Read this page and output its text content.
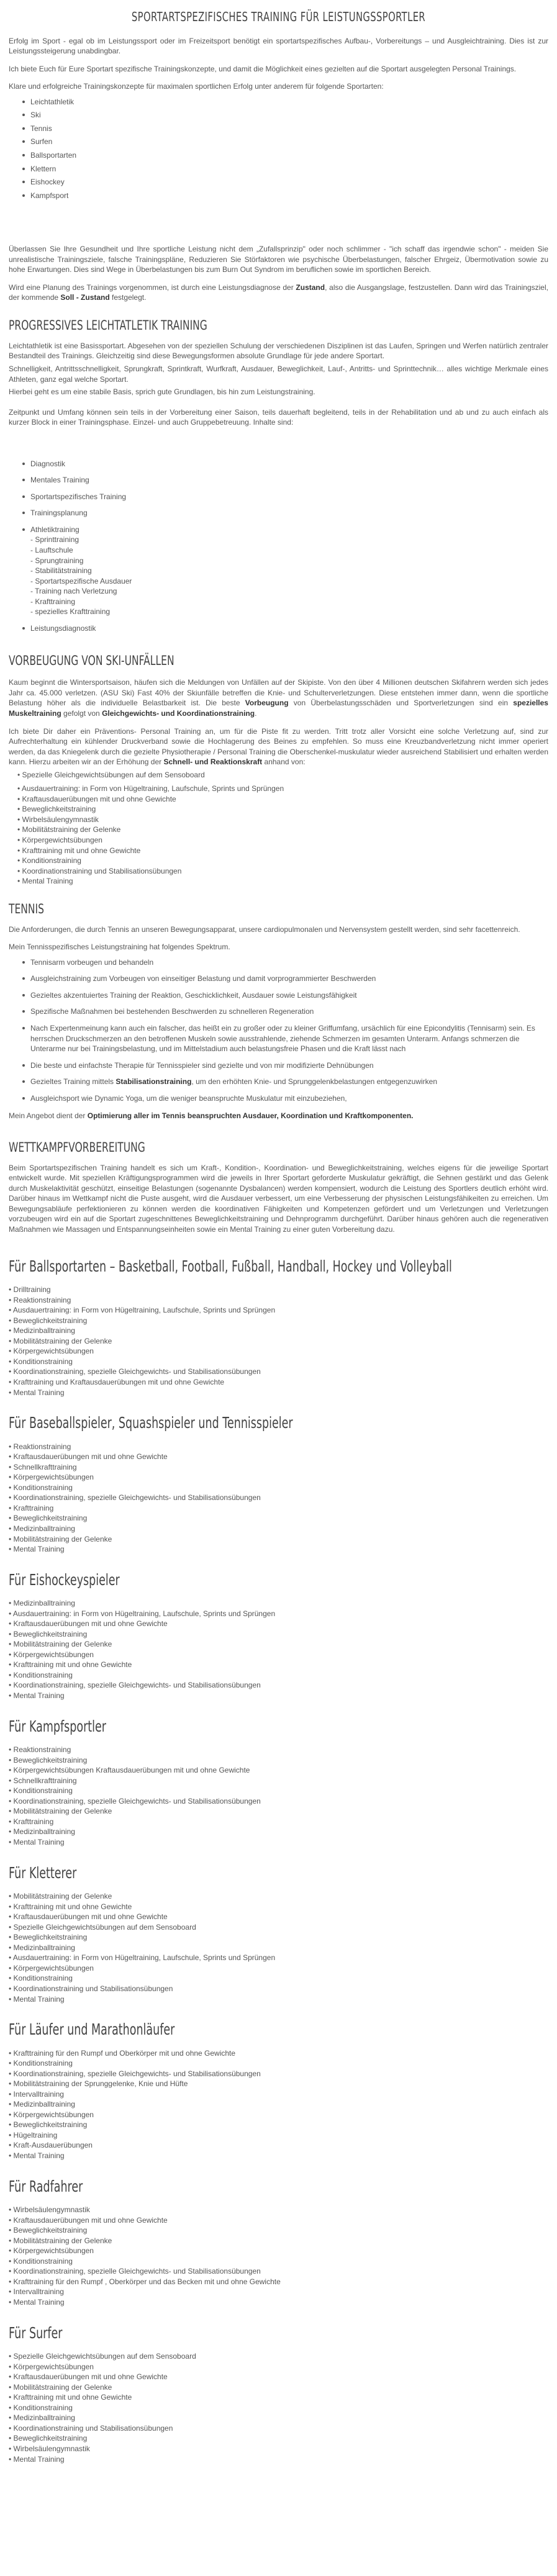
SPORTARTSPEZIFISCHES TRAINING FÜR LEISTUNGSSPORTLER

Erfolg im Sport - egal ob im Leistungssport oder im Freizeitsport benötigt ein sportartspezifisches Aufbau-, Vorbereitungs – und Ausgleichtraining. Dies ist zur Leistungssteigerung unabdingbar.

Ich biete Euch für Eure Sportart spezifische Trainingskonzepte, und damit die Möglichkeit eines gezielten auf die Sportart ausgelegten Personal Trainings.

Klare und erfolgreiche Trainingskonzepte für maximalen sportlichen Erfolg unter anderem für folgende Sportarten:

Leichtathletik
Ski
Tennis
Surfen
Ballsportarten
Klettern
Eishockey
Kampfsport

Überlassen Sie Ihre Gesundheit und Ihre sportliche Leistung nicht dem „Zufallsprinzip" oder noch schlimmer - "ich schaff das irgendwie schon" - meiden Sie unrealistische Trainingsziele, falsche Trainingspläne, Reduzieren Sie Störfaktoren wie psychische Überbelastungen, falscher Ehrgeiz, Übermotivation sowie zu hohe Erwartungen. Dies sind Wege in Überbelastungen bis zum Burn Out Syndrom im beruflichen sowie im sportlichen Bereich.

Wird eine Planung des Trainings vorgenommen, ist durch eine Leistungsdiagnose der Zustand, also die Ausgangslage, festzustellen. Dann wird das Trainingsziel, der kommende Soll - Zustand festgelegt.

PROGRESSIVES LEICHTATLETIK TRAINING

Leichtathletik ist eine Basissportart. Abgesehen von der speziellen Schulung der verschiedenen Disziplinen ist das Laufen, Springen und Werfen natürlich zentraler Bestandteil des Trainings. Gleichzeitig sind diese Bewegungsformen absolute Grundlage für jede andere Sportart.

Schnelligkeit, Antrittsschnelligkeit, Sprungkraft, Sprintkraft, Wurfkraft, Ausdauer, Beweglichkeit, Lauf-, Antritts- und Sprinttechnik… alles wichtige Merkmale eines Athleten, ganz egal welche Sportart.

Hierbei geht es um eine stabile Basis, sprich gute Grundlagen, bis hin zum Leistungstraining.

Zeitpunkt und Umfang können sein teils in der Vorbereitung einer Saison, teils dauerhaft begleitend, teils in der Rehabilitation und ab und zu auch einfach als kurzer Block in einer Trainingsphase. Einzel- und auch Gruppebetreuung. Inhalte sind:

Diagnostik
Mentales Training
Sportartspezifisches Training
Trainingsplanung
Athletiktraining
- Sprinttraining
- Lauftschule
- Sprungtraining
- Stabilitätstraining
- Sportartspezifische Ausdauer
- Training nach Verletzung
- Krafttraining
- spezielles Krafttraining
Leistungsdiagnostik
VORBEUGUNG VON SKI-UNFÄLLEN

Kaum beginnt die Wintersportsaison, häufen sich die Meldungen von Unfällen auf der Skipiste. Von den über 4 Millionen deutschen Skifahrern werden sich jedes Jahr ca. 45.000 verletzen. (ASU Ski) Fast 40% der Skiunfälle betreffen die Knie- und Schulterverletzungen. Diese entstehen immer dann, wenn die sportliche Belastung höher als die individuelle Belastbarkeit ist. Die beste Vorbeugung von Überbelastungsschäden und Sportverletzungen sind ein spezielles Muskeltraining gefolgt von Gleichgewichts- und Koordinationstraining.

Ich biete Dir daher ein Präventions- Personal Training an, um für die Piste fit zu werden. Tritt trotz aller Vorsicht eine solche Verletzung auf, sind zur Aufrechterhaltung ein kühlender Druckverband sowie die Hochlagerung des Beines zu empfehlen. So muss eine Kreuzbandverletzung nicht immer operiert werden, da das Kniegelenk durch die gezielte Physiotherapie / Personal Training die Oberschenkel-muskulatur wieder ausreichend Stabilisiert und erhalten werden kann. Hierzu arbeiten wir an der Erhöhung der Schnell- und Reaktionskraft anhand von:

• Spezielle Gleichgewichtsübungen auf dem Sensoboard
• Ausdauertraining: in Form von Hügeltraining, Laufschule, Sprints und Sprüngen
• Kraftausdauerübungen mit und ohne Gewichte
• Beweglichkeitstraining
• Wirbelsäulengymnastik
• Mobilitätstraining der Gelenke
• Körpergewichtsübungen
• Krafttraining mit und ohne Gewichte
• Konditionstraining
• Koordinationstraining und Stabilisationsübungen
• Mental Training
TENNIS

Die Anforderungen, die durch Tennis an unseren Bewegungsapparat, unsere cardiopulmonalen und Nervensystem gestellt werden, sind sehr facettenreich.

Mein Tennisspezifisches Leistungstraining hat folgendes Spektrum.

Tennisarm vorbeugen und behandeln
Ausgleichstraining zum Vorbeugen von einseitiger Belastung und damit vorprogrammierter Beschwerden
Gezieltes akzentuiertes Training der Reaktion, Geschicklichkeit, Ausdauer sowie Leistungsfähigkeit
Spezifische Maßnahmen bei bestehenden Beschwerden zu schnelleren Regeneration
Nach Expertenmeinung kann auch ein falscher, das heißt ein zu großer oder zu kleiner Griffumfang, ursächlich für eine Epicondylitis (Tennisarm) sein. Es herrschen Druckschmerzen an den betroffenen Muskeln sowie ausstrahlende, ziehende Schmerzen im gesamten Unterarm. Anfangs schmerzen die Unterarme nur bei Trainingsbelastung, und im Mittelstadium auch belastungsfreie Phasen und die Kraft lässt nach
Die beste und einfachste Therapie für Tennisspieler sind gezielte und von mir modifizierte Dehnübungen
Gezieltes Training mittels Stabilisationstraining, um den erhöhten Knie- und Sprunggelenkbelastungen entgegenzuwirken
Ausgleichsport wie Dynamic Yoga, um die weniger beanspruchte Muskulatur mit einzubeziehen,

Mein Angebot dient der Optimierung aller im Tennis beanspruchten Ausdauer, Koordination und Kraftkomponenten.

WETTKAMPFVORBEREITUNG

Beim Sportartspezifischen Training handelt es sich um Kraft-, Kondition-, Koordination- und Beweglichkeitstraining, welches eigens für die jeweilige Sportart entwickelt wurde. Mit speziellen Kräftigungsprogrammen wird die jeweils in Ihrer Sportart geforderte Muskulatur gekräftigt, die Sehnen gestärkt und das Gelenk durch Muskelaktivität geschützt, einseitige Belastungen (sogenannte Dysbalancen) werden kompensiert, wodurch die Leistung des Sportlers deutlich erhöht wird. Darüber hinaus im Wettkampf nicht die Puste ausgeht, wird die Ausdauer verbessert, um eine Verbesserung der physischen Leistungsfähikeiten zu erreichen. Um Bewegungsabläufe perfektionieren zu können werden die koordinativen Fähigkeiten und Kompetenzen gefördert und um Verletzungen und Verletzungen vorzubeugen wird ein auf die Sportart zugeschnittenes Beweglichkeitstraining und Dehnprogramm durchgeführt. Darüber hinaus gehören auch die regenerativen Maßnahmen wie Massagen und Entspannungseinheiten sowie ein Mental Training zu einer guten Vorbereitung dazu.

Für Ballsportarten – Basketball, Football, Fußball, Handball, Hockey und Volleyball
• Drilltraining
• Reaktionstraining
• Ausdauertraining: in Form von Hügeltraining, Laufschule, Sprints und Sprüngen
• Beweglichkeitstraining
• Medizinballtraining
• Mobilitätstraining der Gelenke
• Körpergewichtsübungen
• Konditionstraining
• Koordinationstraining, spezielle Gleichgewichts- und Stabilisationsübungen
• Krafttraining und Kraftausdauerübungen mit und ohne Gewichte
• Mental Training
Für Baseballspieler, Squashspieler und Tennisspieler
• Reaktionstraining
• Kraftausdauerübungen mit und ohne Gewichte
• Schnellkrafttraining
• Körpergewichtsübungen
• Konditionstraining
• Koordinationstraining, spezielle Gleichgewichts- und Stabilisationsübungen
• Krafttraining
• Beweglichkeitstraining
• Medizinballtraining
• Mobilitätstraining der Gelenke
• Mental Training
Für Eishockeyspieler
• Medizinballtraining
• Ausdauertraining: in Form von Hügeltraining, Laufschule, Sprints und Sprüngen
• Kraftausdauerübungen mit und ohne Gewichte
• Beweglichkeitstraining
• Mobilitätstraining der Gelenke
• Körpergewichtsübungen
• Krafttraining mit und ohne Gewichte
• Konditionstraining
• Koordinationstraining, spezielle Gleichgewichts- und Stabilisationsübungen
• Mental Training
Für Kampfsportler
• Reaktionstraining
• Beweglichkeitstraining
• Körpergewichtsübungen Kraftausdauerübungen mit und ohne Gewichte
• Schnellkrafttraining
• Konditionstraining
• Koordinationstraining, spezielle Gleichgewichts- und Stabilisationsübungen
• Mobilitätstraining der Gelenke
• Krafttraining
• Medizinballtraining
• Mental Training
Für Kletterer
• Mobilitätstraining der Gelenke
• Krafttraining mit und ohne Gewichte
• Kraftausdauerübungen mit und ohne Gewichte
• Spezielle Gleichgewichtsübungen auf dem Sensoboard
• Beweglichkeitstraining
• Medizinballtraining
• Ausdauertraining: in Form von Hügeltraining, Laufschule, Sprints und Sprüngen
• Körpergewichtsübungen
• Konditionstraining
• Koordinationstraining und Stabilisationsübungen
• Mental Training
Für Läufer und Marathonläufer
• Krafttraining für den Rumpf und Oberkörper mit und ohne Gewichte
• Konditionstraining
• Koordinationstraining, spezielle Gleichgewichts- und Stabilisationsübungen
• Mobilitätstraining der Sprunggelenke, Knie und Hüfte
• Intervalltraining
• Medizinballtraining
• Körpergewichtsübungen
• Beweglichkeitstraining
• Hügeltraining
• Kraft-Ausdauerübungen
• Mental Training
Für Radfahrer
• Wirbelsäulengymnastik
• Kraftausdauerübungen mit und ohne Gewichte
• Beweglichkeitstraining
• Mobilitätstraining der Gelenke
• Körpergewichtsübungen
• Konditionstraining
• Koordinationstraining, spezielle Gleichgewichts- und Stabilisationsübungen
• Krafttraining für den Rumpf , Oberkörper und das Becken mit und ohne Gewichte
• Intervalltraining
• Mental Training
Für Surfer
• Spezielle Gleichgewichtsübungen auf dem Sensoboard
• Körpergewichtsübungen
• Kraftausdauerübungen mit und ohne Gewichte
• Mobilitätstraining der Gelenke
• Krafttraining mit und ohne Gewichte
• Konditionstraining
• Medizinballtraining
• Koordinationstraining und Stabilisationsübungen
• Beweglichkeitstraining
• Wirbelsäulengymnastik
• Mental Training
